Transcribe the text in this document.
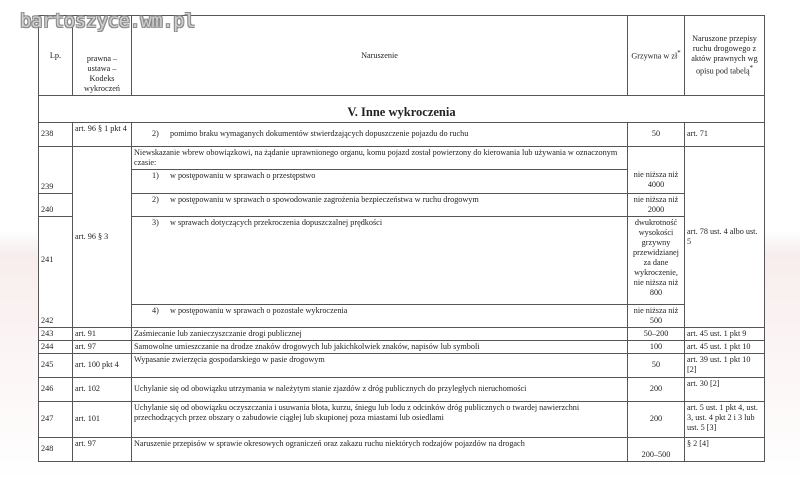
bartoszyce.wm.pl
Lp.	prawna –
ustawa –
Kodeks
wykroczeń	Naruszenie	Grzywna w zł*	Naruszone przepisy ruchu drogowego z aktów prawnych wg opisu pod tabelą*

V. Inne wykroczenia				
238	art. 96 § 1 pkt 4	2) pomimo braku wymaganych dokumentów stwierdzających dopuszczenie pojazdu do ruchu	50	art. 71
	art. 96 § 3	Niewskazanie wbrew obowiązkowi, na żądanie uprawnionego organu, komu pojazd został powierzony do kierowania lub używania w oznaczonym czasie:		art. 78 ust. 4 albo ust. 5
239		1) w postępowaniu w sprawach o przestępstwo	nie niższa niż 4000	
240		2) w postępowaniu w sprawach o spowodowanie zagrożenia bezpieczeństwa w ruchu drogowym	nie niższa niż 2000	
241		3) w sprawach dotyczących przekroczenia dopuszczalnej prędkości	dwukrotność wysokości grzywny przewidzianej za dane wykroczenie, nie niższa niż 800	
242		4) w postępowaniu w sprawach o pozostałe wykroczenia	nie niższa niż 500	
243	art. 91	Zaśmiecanie lub zanieczyszczanie drogi publicznej	50–200	art. 45 ust. 1 pkt 9
244	art. 97	Samowolne umieszczanie na drodze znaków drogowych lub jakichkolwiek znaków, napisów lub symboli	100	art. 45 ust. 1 pkt 10
245	art. 100 pkt 4	Wypasanie zwierzęcia gospodarskiego w pasie drogowym	50	art. 39 ust. 1 pkt 10 [2]
246	art. 102	Uchylanie się od obowiązku utrzymania w należytym stanie zjazdów z dróg publicznych do przyległych nieruchomości	200	art. 30 [2]
247	art. 101	Uchylanie się od obowiązku oczyszczania i usuwania błota, kurzu, śniegu lub lodu z odcinków dróg publicznych o twardej nawierzchni przechodzących przez obszary o zabudowie ciągłej lub skupionej poza miastami lub osiedlami	200	art. 5 ust. 1 pkt 4, ust. 3, ust. 4 pkt 2 i 3 lub ust. 5 [3]
248	art. 97	Naruszenie przepisów w sprawie okresowych ograniczeń oraz zakazu ruchu niektórych rodzajów pojazdów na drogach	200–500	§ 2 [4]
